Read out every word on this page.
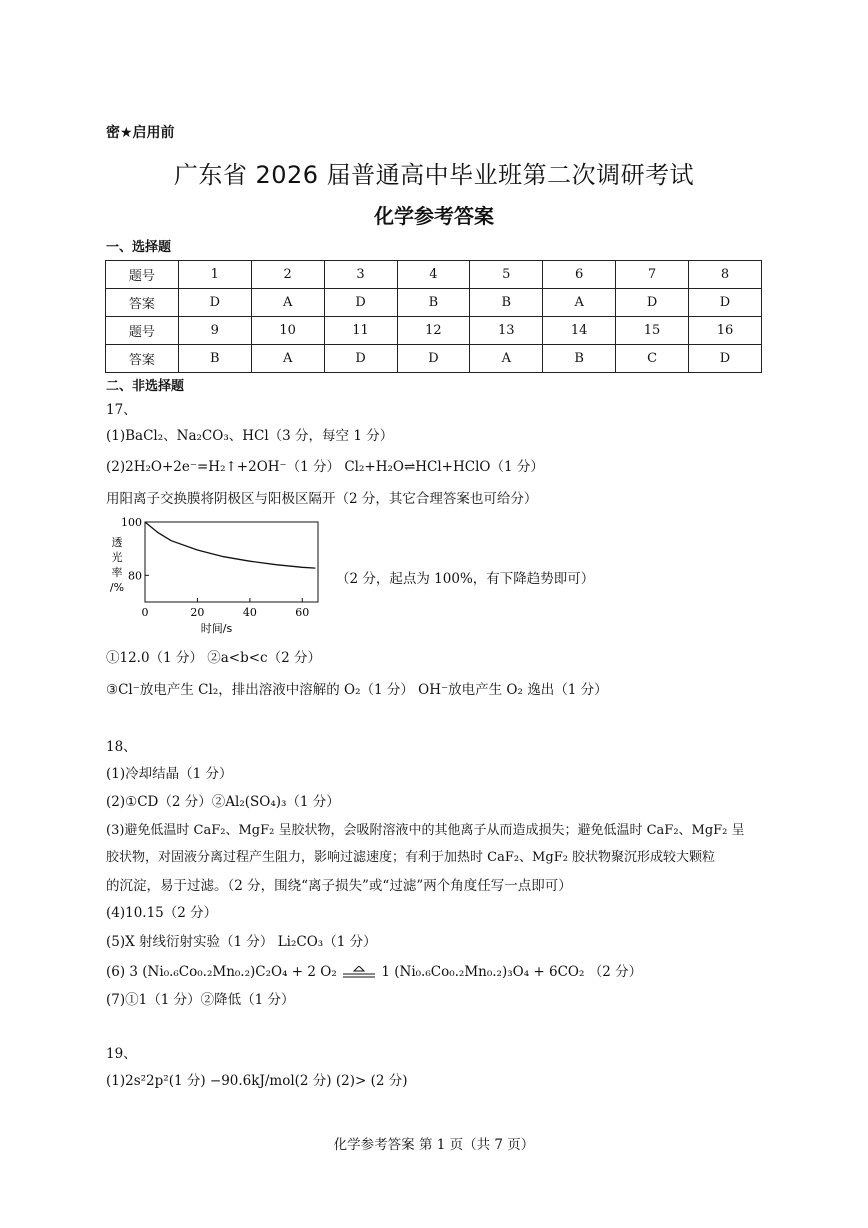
密★启用前
广东省 2026 届普通高中毕业班第二次调研考试
化学参考答案
一、选择题
题号	1	2	3	4	5	6	7	8
答案	D	A	D	B	B	A	D	D
题号	9	10	11	12	13	14	15	16
答案	B	A	D	D	A	B	C	D
二、非选择题
17、
(1)BaCl₂、Na₂CO₃、HCl（3 分，每空 1 分）
(2)2H₂O+2e⁻=H₂↑+2OH⁻（1 分） Cl₂+H₂O⇌HCl+HClO（1 分）
用阳离子交换膜将阴极区与阳极区隔开（2 分，其它合理答案也可给分）
0	20	40	60
80
100
透
光
率
/%
时间/s
（2 分，起点为 100%，有下降趋势即可）
①12.0（1 分） ②a<b<c（2 分）
③Cl⁻放电产生 Cl₂，排出溶液中溶解的 O₂（1 分） OH⁻放电产生 O₂ 逸出（1 分）
18、
(1)冷却结晶（1 分）
(2)①CD（2 分）②Al₂(SO₄)₃（1 分）
(3)避免低温时 CaF₂、MgF₂ 呈胶状物，会吸附溶液中的其他离子从而造成损失；避免低温时 CaF₂、MgF₂ 呈
胶状物，对固液分离过程产生阻力，影响过滤速度；有利于加热时 CaF₂、MgF₂ 胶状物聚沉形成较大颗粒
的沉淀，易于过滤。（2 分，围绕“离子损失”或“过滤”两个角度任写一点即可）
(4)10.15（2 分）
(5)X 射线衍射实验（1 分） Li₂CO₃（1 分）
(6) 3 (Ni₀.₆Co₀.₂Mn₀.₂)C₂O₄ + 2 O₂	1 (Ni₀.₆Co₀.₂Mn₀.₂)₃O₄ + 6CO₂ （2 分）
(7)①1（1 分）②降低（1 分）
19、
(1)2s²2p²(1 分) −90.6kJ/mol(2 分) (2)> (2 分)
化学参考答案 第 1 页（共 7 页）
